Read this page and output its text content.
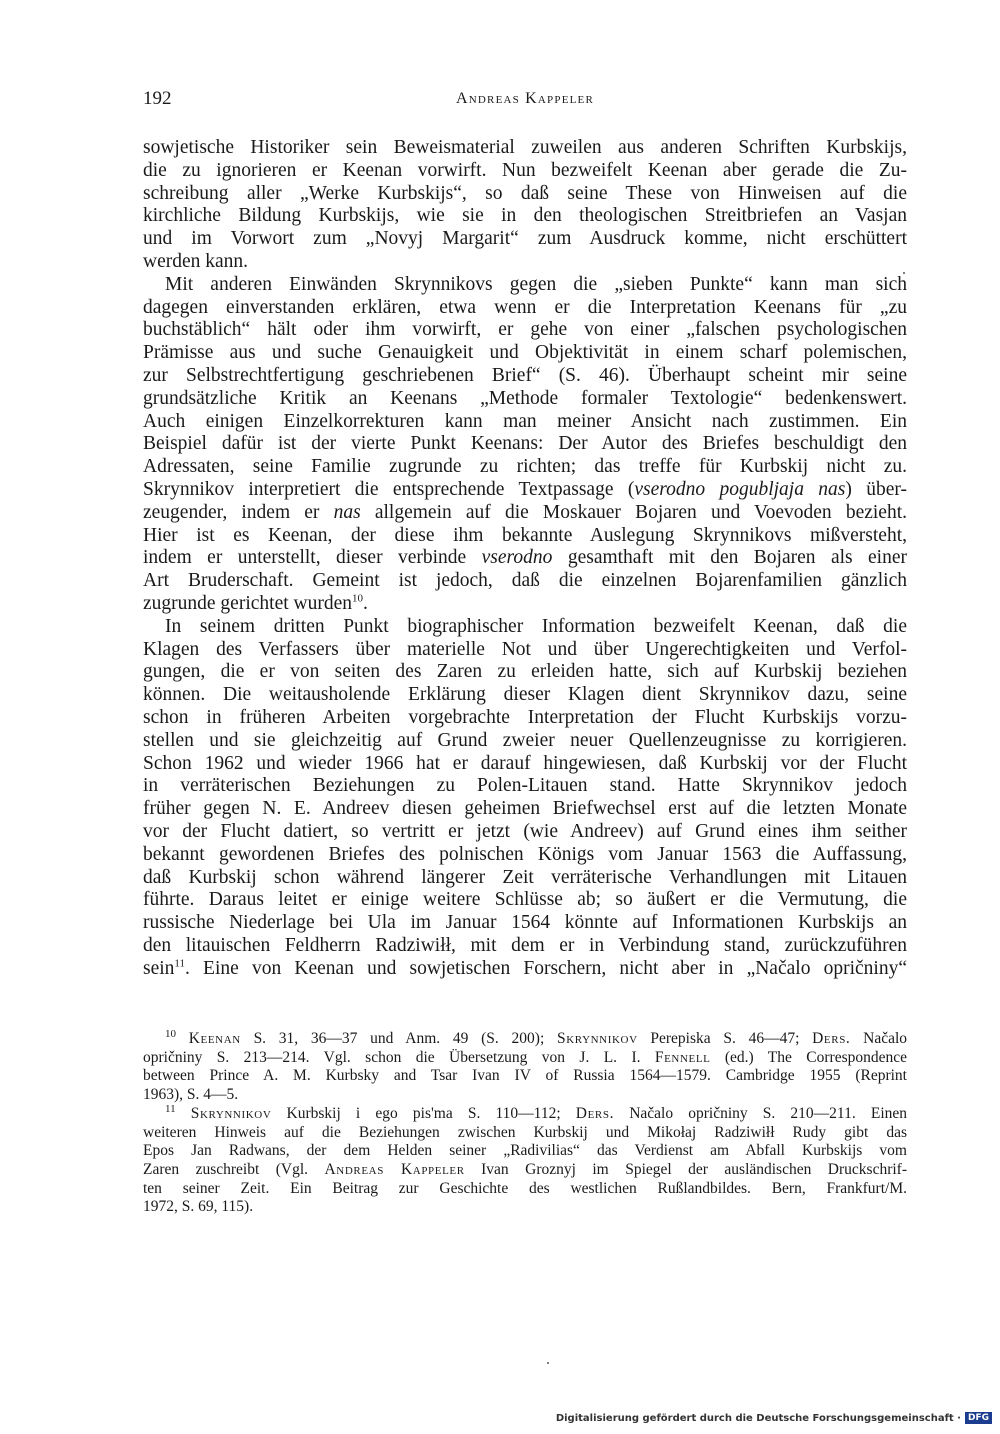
192	Andreas Kappeler

sowjetische Historiker sein Beweismaterial zuweilen aus anderen Schriften Kurbskijs,
die zu ignorieren er Keenan vorwirft. Nun bezweifelt Keenan aber gerade die Zu-
schreibung aller „Werke Kurbskijs“, so daß seine These von Hinweisen auf die
kirchliche Bildung Kurbskijs, wie sie in den theologischen Streitbriefen an Vasjan
und im Vorwort zum „Novyj Margarit“ zum Ausdruck komme, nicht erschüttert
werden kann.

Mit anderen Einwänden Skrynnikovs gegen die „sieben Punkte“ kann man sich
dagegen einverstanden erklären, etwa wenn er die Interpretation Keenans für „zu
buchstäblich“ hält oder ihm vorwirft, er gehe von einer „falschen psychologischen
Prämisse aus und suche Genauigkeit und Objektivität in einem scharf polemischen,
zur Selbstrechtfertigung geschriebenen Brief“ (S. 46). Überhaupt scheint mir seine
grundsätzliche Kritik an Keenans „Methode formaler Textologie“ bedenkenswert.
Auch einigen Einzelkorrekturen kann man meiner Ansicht nach zustimmen. Ein
Beispiel dafür ist der vierte Punkt Keenans: Der Autor des Briefes beschuldigt den
Adressaten, seine Familie zugrunde zu richten; das treffe für Kurbskij nicht zu.
Skrynnikov interpretiert die entsprechende Textpassage (vserodno pogubljaja nas) über-
zeugender, indem er nas allgemein auf die Moskauer Bojaren und Voevoden bezieht.
Hier ist es Keenan, der diese ihm bekannte Auslegung Skrynnikovs mißversteht,
indem er unterstellt, dieser verbinde vserodno gesamthaft mit den Bojaren als einer
Art Bruderschaft. Gemeint ist jedoch, daß die einzelnen Bojarenfamilien gänzlich
zugrunde gerichtet wurden$^{10}$.

In seinem dritten Punkt biographischer Information bezweifelt Keenan, daß die
Klagen des Verfassers über materielle Not und über Ungerechtigkeiten und Verfol-
gungen, die er von seiten des Zaren zu erleiden hatte, sich auf Kurbskij beziehen
können. Die weitausholende Erklärung dieser Klagen dient Skrynnikov dazu, seine
schon in früheren Arbeiten vorgebrachte Interpretation der Flucht Kurbskijs vorzu-
stellen und sie gleichzeitig auf Grund zweier neuer Quellenzeugnisse zu korrigieren.
Schon 1962 und wieder 1966 hat er darauf hingewiesen, daß Kurbskij vor der Flucht
in verräterischen Beziehungen zu Polen-Litauen stand. Hatte Skrynnikov jedoch
früher gegen N. E. Andreev diesen geheimen Briefwechsel erst auf die letzten Monate
vor der Flucht datiert, so vertritt er jetzt (wie Andreev) auf Grund eines ihm seither
bekannt gewordenen Briefes des polnischen Königs vom Januar 1563 die Auffassung,
daß Kurbskij schon während längerer Zeit verräterische Verhandlungen mit Litauen
führte. Daraus leitet er einige weitere Schlüsse ab; so äußert er die Vermutung, die
russische Niederlage bei Ula im Januar 1564 könnte auf Informationen Kurbskijs an
den litauischen Feldherrn Radziwiłł, mit dem er in Verbindung stand, zurückzuführen
sein$^{11}$. Eine von Keenan und sowjetischen Forschern, nicht aber in „Načalo opričniny“

$^{10}$ Keenan S. 31, 36—37 und Anm. 49 (S. 200); Skrynnikov Perepiska S. 46—47; Ders. Načalo
opričniny S. 213—214. Vgl. schon die Übersetzung von J. L. I. Fennell (ed.) The Correspondence
between Prince A. M. Kurbsky and Tsar Ivan IV of Russia 1564—1579. Cambridge 1955 (Reprint
1963), S. 4—5.
$^{11}$ Skrynnikov Kurbskij i ego pis'ma S. 110—112; Ders. Načalo opričniny S. 210—211. Einen
weiteren Hinweis auf die Beziehungen zwischen Kurbskij und Mikołaj Radziwiłł Rudy gibt das
Epos Jan Radwans, der dem Helden seiner „Radivilias“ das Verdienst am Abfall Kurbskijs vom
Zaren zuschreibt (Vgl. Andreas Kappeler Ivan Groznyj im Spiegel der ausländischen Druckschrif-
ten seiner Zeit. Ein Beitrag zur Geschichte des westlichen Rußlandbildes. Bern, Frankfurt/M.
1972, S. 69, 115).
Digitalisierung gefördert durch die Deutsche Forschungsgemeinschaft · DFG
